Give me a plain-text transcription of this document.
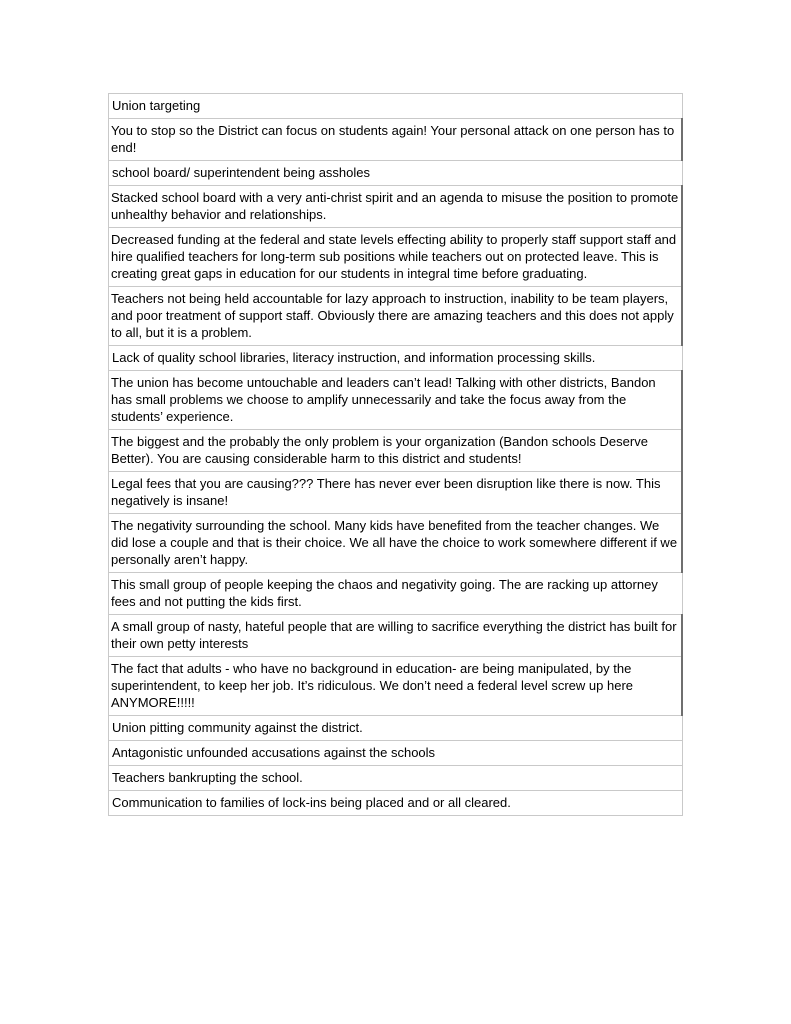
Union targeting
You to stop so the District can focus on students again! Your personal attack on one person has to end!
school board/ superintendent being assholes
Stacked school board with a very anti-christ spirit and an agenda to misuse the position to promote unhealthy behavior and relationships.
Decreased funding at the federal and state levels effecting ability to properly staff support staff and hire qualified teachers for long-term sub positions while teachers out on protected leave. This is creating great gaps in education for our students in integral time before graduating.
Teachers not being held accountable for lazy approach to instruction, inability to be team players, and poor treatment of support staff. Obviously there are amazing teachers and this does not apply to all, but it is a problem.
Lack of quality school libraries, literacy instruction, and information processing skills.
The union has become untouchable and leaders can’t lead! Talking with other districts, Bandon has small problems we choose to amplify unnecessarily and take the focus away from the students’ experience.
The biggest and the probably the only problem is your organization (Bandon schools Deserve Better). You are causing considerable harm to this district and students!
Legal fees that you are causing??? There has never ever been disruption like there is now. This negatively is insane!
The negativity surrounding the school. Many kids have benefited from the teacher changes. We did lose a couple and that is their choice. We all have the choice to work somewhere different if we personally aren’t happy.
This small group of people keeping the chaos and negativity going. The are racking up attorney fees and not putting the kids first.
A small group of nasty, hateful people that are willing to sacrifice everything the district has built for their own petty interests
The fact that adults - who have no background in education- are being manipulated, by the superintendent, to keep her job. It’s ridiculous. We don’t need a federal level screw up here ANYMORE!!!!!
Union pitting community against the district.
Antagonistic unfounded accusations against the schools
Teachers bankrupting the school.
Communication to families of lock-ins being placed and or all cleared.
